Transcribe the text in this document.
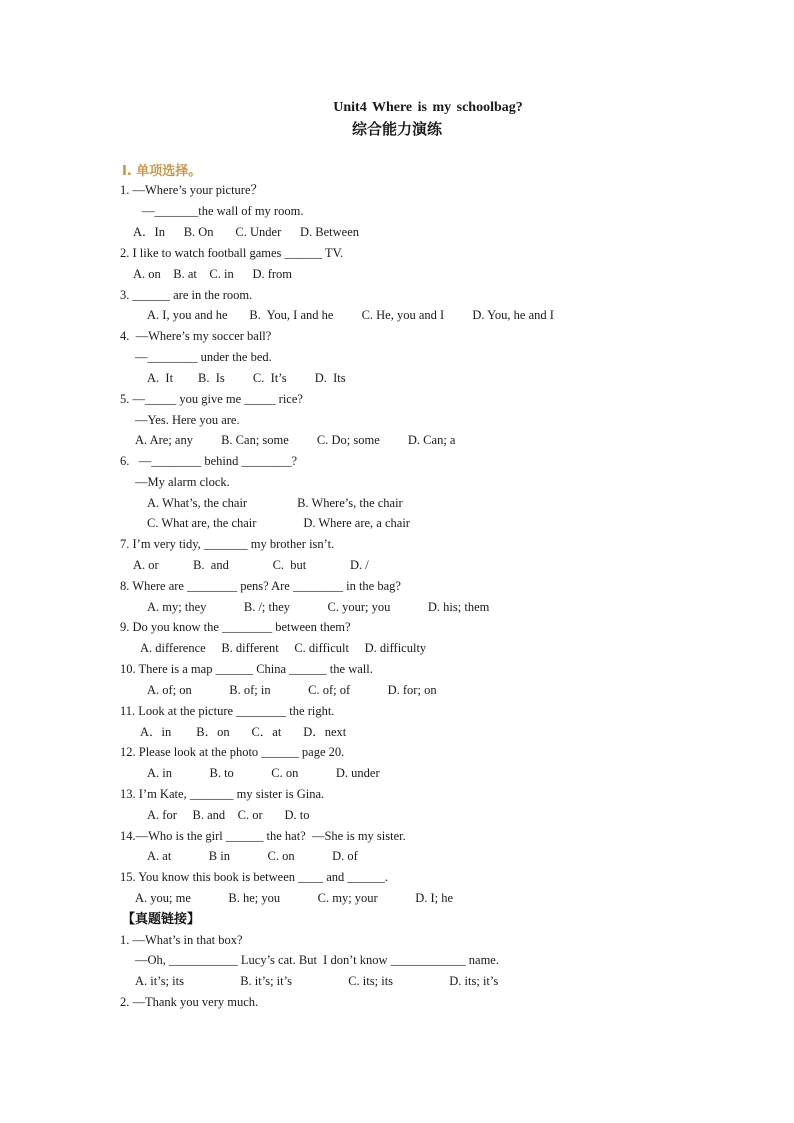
Unit4 Where is my schoolbag?
综合能力演练
Ⅰ. 单项选择。
1. —Where’s your picture？
—_______the wall of my room.
A．In      B. On       C. Under      D. Between
2. I like to watch football games ______ TV.
A. on    B. at    C. in      D. from
3. ______ are in the room.
A. I, you and he       B.  You, I and he         C. He, you and I         D. You, he and I
4.  ―Where’s my soccer ball?
―________ under the bed.
A.  It        B.  Is         C.  It’s         D.  Its
5. —_____ you give me _____ rice?
―Yes. Here you are.
A. Are; any         B. Can; some         C. Do; some         D. Can; a
6.   ―________ behind ________?
—My alarm clock.
A. What’s, the chair                B. Where’s, the chair
C. What are, the chair               D. Where are, a chair
7. I’m very tidy, _______ my brother isn’t.
A. or           B.  and              C.  but              D. /
8. Where are ________ pens? Are ________ in the bag?
A. my; they            B. /; they            C. your; you            D. his; them
9. Do you know the ________ between them?
A. difference     B. different     C. difficult     D. difficulty
10. There is a map ______ China ______ the wall.
A. of; on            B. of; in            C. of; of            D. for; on
11. Look at the picture ________ the right.
A．in        B．on       C．at       D．next
12. Please look at the photo ______ page 20.
A. in            B. to            C. on            D. under
13. I’m Kate, _______ my sister is Gina.
A. for     B. and    C. or       D. to
14.―Who is the girl ______ the hat?  ―She is my sister.
A. at            B in            C. on            D. of
15. You know this book is between ____ and ______.
A. you; me            B. he; you            C. my; your            D. I; he
【真题链接】
1. —What’s in that box?
—Oh, ___________ Lucy’s cat. But  I don’t know ____________ name.
A. it’s; its                  B. it’s; it’s                  C. its; its                  D. its; it’s
2. —Thank you very much.
